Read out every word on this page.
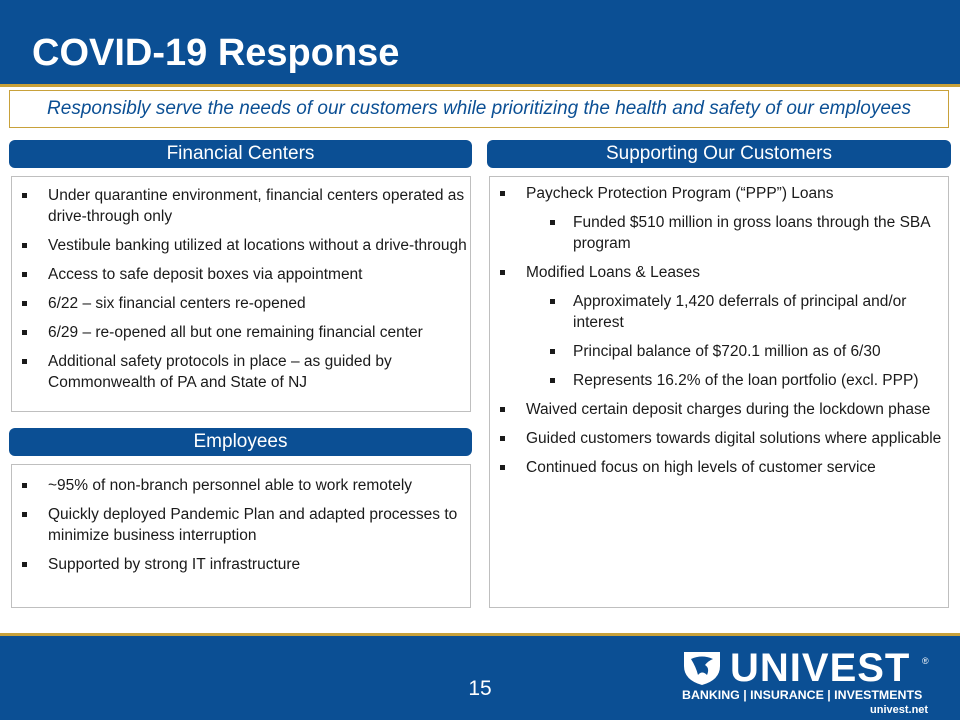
COVID-19 Response
Responsibly serve the needs of our customers while prioritizing the health and safety of our employees
Financial Centers
Under quarantine environment, financial centers operated as drive-through only
Vestibule banking utilized at locations without a drive-through
Access to safe deposit boxes via appointment
6/22 – six financial centers re-opened
6/29 – re-opened all but one remaining financial center
Additional safety protocols in place – as guided by Commonwealth of PA and State of NJ
Employees
~95% of non-branch personnel able to work remotely
Quickly deployed Pandemic Plan and adapted processes to minimize business interruption
Supported by strong IT infrastructure
Supporting Our Customers
Paycheck Protection Program (“PPP”) Loans
Funded $510 million in gross loans through the SBA program
Modified Loans & Leases
Approximately 1,420 deferrals of principal and/or interest
Principal balance of $720.1 million as of 6/30
Represents 16.2% of the loan portfolio (excl. PPP)
Waived certain deposit charges during the lockdown phase
Guided customers towards digital solutions where applicable
Continued focus on high levels of customer service
15	UNIVEST ®
BANKING | INSURANCE | INVESTMENTS
univest.net
